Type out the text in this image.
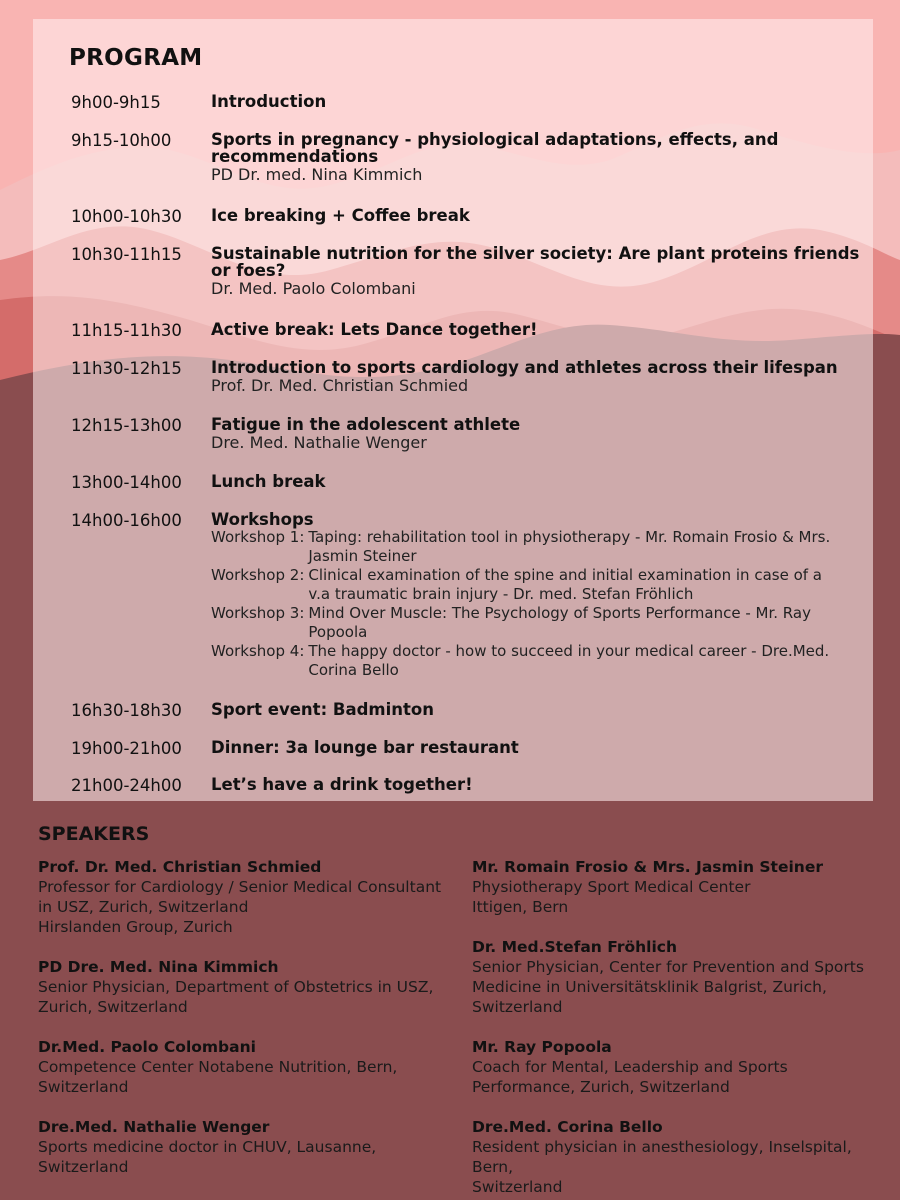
PROGRAM
9h00-9h15	Introduction
9h15-10h00 Sports in pregnancy - physiological adaptations, effects, and recommendations
PD Dr. med. Nina Kimmich
10h00-10h30 Ice breaking + Coffee break
10h30-11h15 Sustainable nutrition for the silver society: Are plant proteins friends or foes?
Dr. Med. Paolo Colombani
11h15-11h30 Active break: Lets Dance together!
11h30-12h15 Introduction to sports cardiology and athletes across their lifespan
Prof. Dr. Med. Christian Schmied
12h15-13h00 Fatigue in the adolescent athlete
Dre. Med. Nathalie Wenger
13h00-14h00 Lunch break
14h00-16h00 Workshops
Workshop 1: Taping: rehabilitation tool in physiotherapy - Mr. Romain Frosio & Mrs. Jasmin Steiner
Workshop 2: Clinical examination of the spine and initial examination in case of a v.a traumatic brain injury - Dr. med. Stefan Fröhlich
Workshop 3: Mind Over Muscle: The Psychology of Sports Performance - Mr. Ray Popoola
Workshop 4: The happy doctor - how to succeed in your medical career - Dre.Med. Corina Bello
16h30-18h30 Sport event: Badminton
19h00-21h00 Dinner: 3a lounge bar restaurant
21h00-24h00 Let’s have a drink together!
SPEAKERS
Prof. Dr. Med. Christian Schmied
Professor for Cardiology / Senior Medical Consultant
in USZ, Zurich, Switzerland
Hirslanden Group, Zurich
PD Dre. Med. Nina Kimmich
Senior Physician, Department of Obstetrics in USZ,
Zurich, Switzerland
Dr.Med. Paolo Colombani
Competence Center Notabene Nutrition, Bern,
Switzerland
Dre.Med. Nathalie Wenger
Sports medicine doctor in CHUV, Lausanne,
Switzerland
Mr. Romain Frosio & Mrs. Jasmin Steiner
Physiotherapy Sport Medical Center
Ittigen, Bern
Dr. Med.Stefan Fröhlich
Senior Physician, Center for Prevention and Sports
Medicine in Universitätsklinik Balgrist, Zurich,
Switzerland
Mr. Ray Popoola
Coach for Mental, Leadership and Sports
Performance, Zurich, Switzerland
Dre.Med. Corina Bello
Resident physician in anesthesiology, Inselspital, Bern,
Switzerland
